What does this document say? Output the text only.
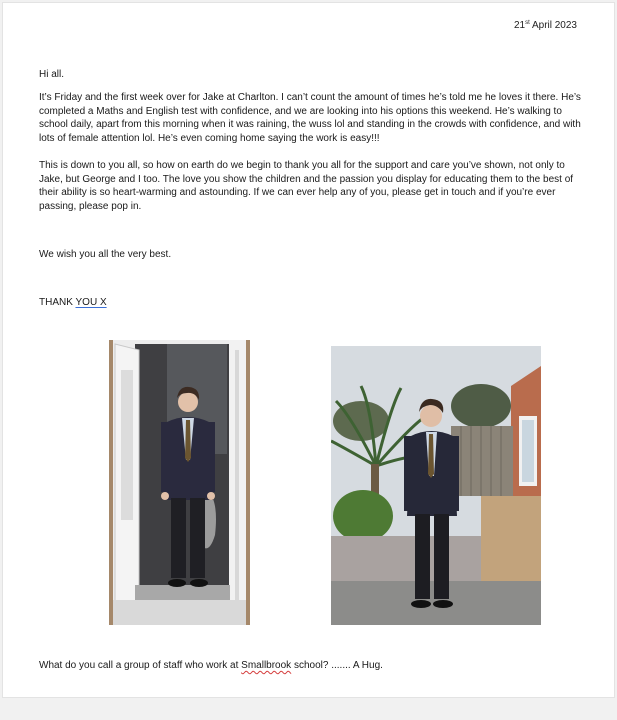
21st April 2023

Hi all.

It’s Friday and the first week over for Jake at Charlton. I can’t count the amount of times he’s told me he loves it there. He’s completed a Maths and English test with confidence, and we are looking into his options this weekend. He’s walking to school daily, apart from this morning when it was raining, the wuss lol and standing in the crowds with confidence, and with lots of female attention lol. He’s even coming home saying the work is easy!!!

This is down to you all, so how on earth do we begin to thank you all for the support and care you’ve shown, not only to Jake, but George and I too. The love you show the children and the passion you display for educating them to the best of their ability is so heart-warming and astounding. If we can ever help any of you, please get in touch and if you’re ever passing, please pop in.

We wish you all the very best.

THANK YOU X

What do you call a group of staff who work at Smallbrook school? ....... A Hug.
